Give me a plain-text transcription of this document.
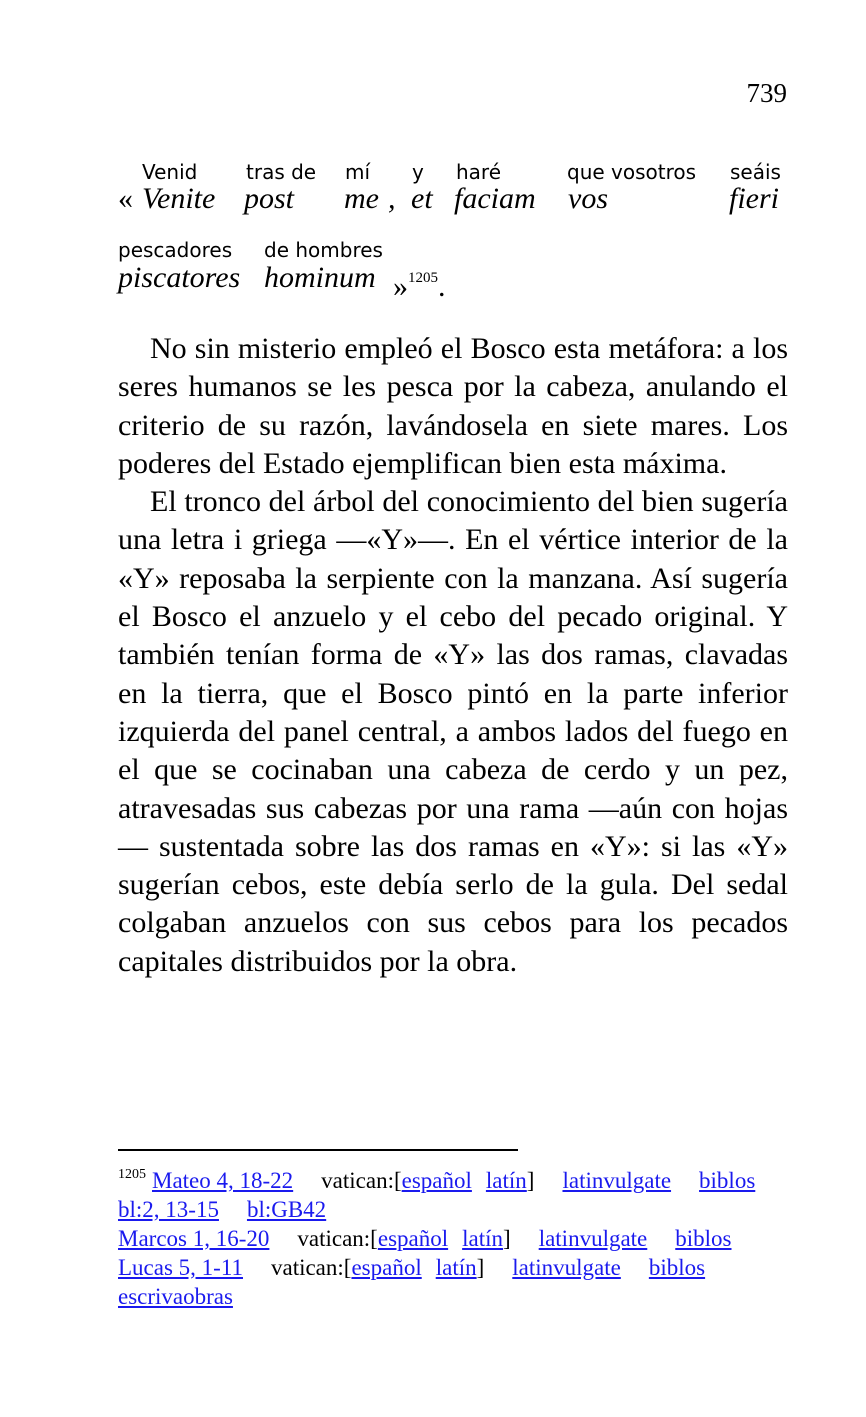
739
Venid tras de mí y haré	que vosotros seáis
« Venite post me , et faciam vos	fieri
pescadores de hombres
piscatores hominum »$^{1205}$.

No sin misterio empleó el Bosco esta metáfora: a los seres humanos se les pesca por la cabeza, anulando el criterio de su razón, lavándosela en siete mares. Los poderes del Estado ejemplifican bien esta máxima.

El tronco del árbol del conocimiento del bien sugería una letra i griega —«Y»—. En el vértice interior de la «Y» reposaba la serpiente con la manzana. Así sugería el Bosco el anzuelo y el cebo del pecado original. Y también tenían forma de «Y» las dos ramas, clavadas en la tierra, que el Bosco pintó en la parte inferior izquierda del panel central, a ambos lados del fuego en el que se cocinaban una cabeza de cerdo y un pez, atravesadas sus cabezas por una rama —aún con hojas— sustentada sobre las dos ramas en «Y»: si las «Y» sugerían cebos, este debía serlo de la gula. Del sedal colgaban anzuelos con sus cebos para los pecados capitales distribuidos por la obra.

$^{1205}$ Mateo 4, 18-22 vatican:[español latín] latinvulgate biblos
bl:2, 13-15 bl:GB42
Marcos 1, 16-20 vatican:[español latín] latinvulgate biblos
Lucas 5, 1-11 vatican:[español latín] latinvulgate biblos
escrivaobras
